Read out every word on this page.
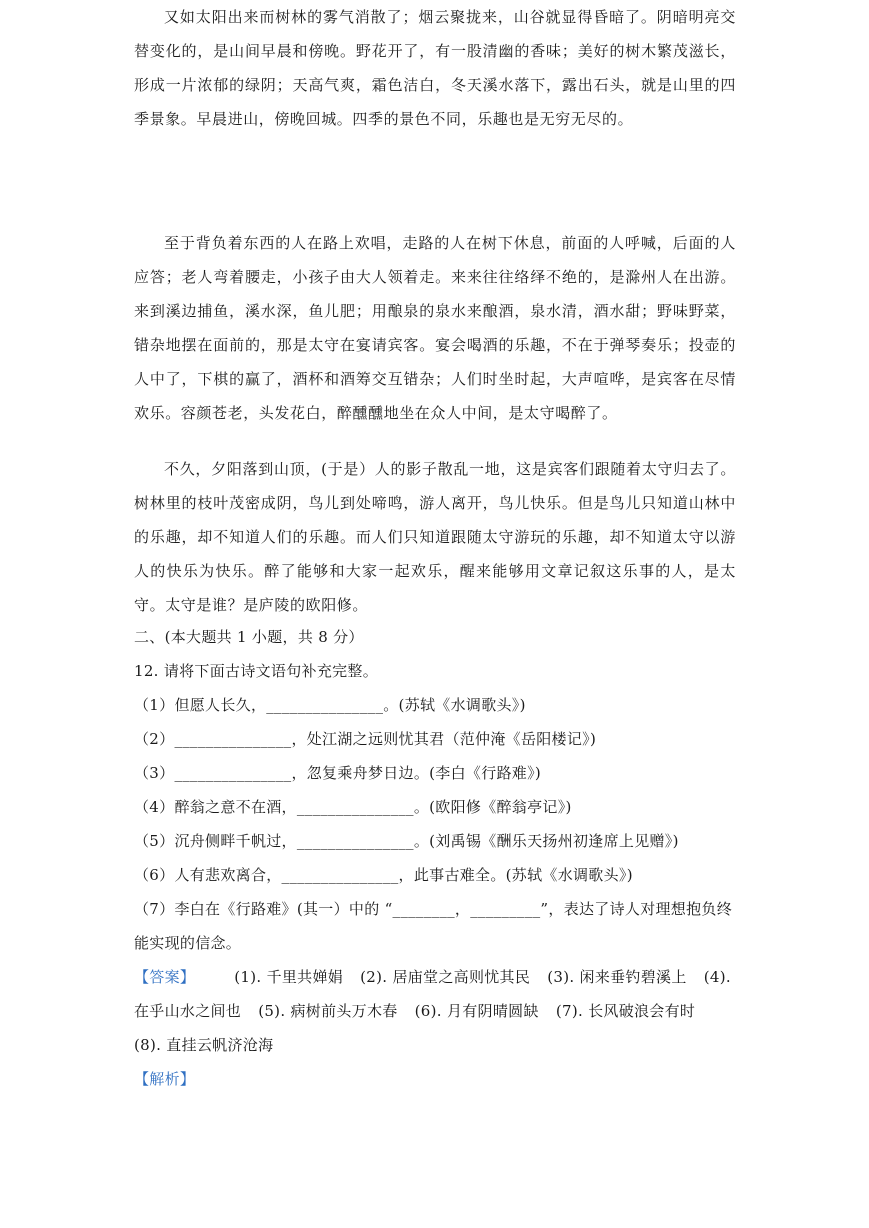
又如太阳出来而树林的雾气消散了；烟云聚拢来，山谷就显得昏暗了。阴暗明亮交替变化的，是山间早晨和傍晚。野花开了，有一股清幽的香味；美好的树木繁茂滋长，形成一片浓郁的绿阴；天高气爽，霜色洁白，冬天溪水落下，露出石头，就是山里的四季景象。早晨进山，傍晚回城。四季的景色不同，乐趣也是无穷无尽的。

至于背负着东西的人在路上欢唱，走路的人在树下休息，前面的人呼喊，后面的人应答；老人弯着腰走，小孩子由大人领着走。来来往往络绎不绝的，是滁州人在出游。来到溪边捕鱼，溪水深，鱼儿肥；用酿泉的泉水来酿酒，泉水清，酒水甜；野味野菜，错杂地摆在面前的，那是太守在宴请宾客。宴会喝酒的乐趣，不在于弹琴奏乐；投壶的人中了，下棋的赢了，酒杯和酒筹交互错杂；人们时坐时起，大声喧哗，是宾客在尽情欢乐。容颜苍老，头发花白，醉醺醺地坐在众人中间，是太守喝醉了。

不久，夕阳落到山顶，(于是）人的影子散乱一地，这是宾客们跟随着太守归去了。树林里的枝叶茂密成阴，鸟儿到处啼鸣，游人离开，鸟儿快乐。但是鸟儿只知道山林中的乐趣，却不知道人们的乐趣。而人们只知道跟随太守游玩的乐趣，却不知道太守以游人的快乐为快乐。醉了能够和大家一起欢乐，醒来能够用文章记叙这乐事的人，是太守。太守是谁？是庐陵的欧阳修。

二、(本大题共 1 小题，共 8 分）

12. 请将下面古诗文语句补充完整。

（1）但愿人长久，_______________。(苏轼《水调歌头》)

（2）_______________，处江湖之远则忧其君（范仲淹《岳阳楼记》)

（3）_______________，忽复乘舟梦日边。(李白《行路难》)

（4）醉翁之意不在酒，_______________。(欧阳修《醉翁亭记》)

（5）沉舟侧畔千帆过，_______________。(刘禹锡《酬乐天扬州初逢席上见赠》)

（6）人有悲欢离合，_______________，此事古难全。(苏轼《水调歌头》)

（7）李白在《行路难》(其一）中的 “________，_________”，表达了诗人对理想抱负终能实现的信念。

【答案】	(1). 千里共婵娟 (2). 居庙堂之高则忧其民 (3). 闲来垂钓碧溪上 (4). 在乎山水之间也 (5). 病树前头万木春 (6). 月有阴晴圆缺 (7). 长风破浪会有时 (8). 直挂云帆济沧海

【解析】
